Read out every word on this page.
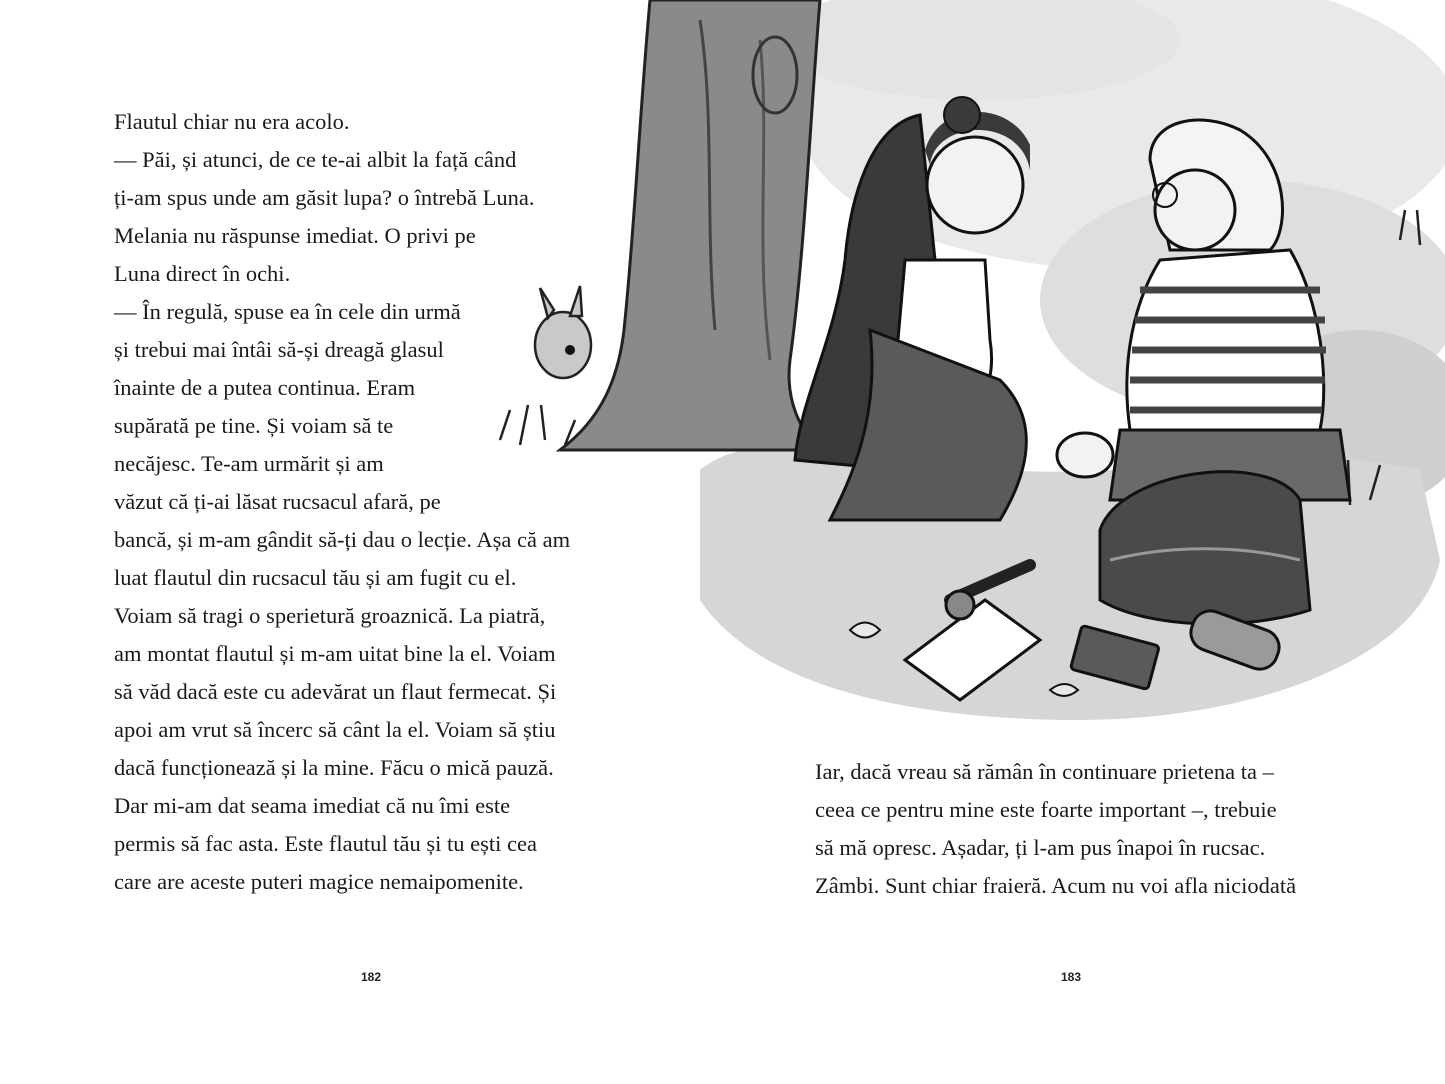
Flautul chiar nu era acolo.
— Păi, și atunci, de ce te-ai albit la față când
ți-am spus unde am găsit lupa? o întrebă Luna.
Melania nu răspunse imediat. O privi pe
Luna direct în ochi.
— În regulă, spuse ea în cele din urmă
și trebui mai întâi să-și dreagă glasul
înainte de a putea continua. Eram
supărată pe tine. Și voiam să te
necăjesc. Te-am urmărit și am
văzut că ți-ai lăsat rucsacul afară, pe
bancă, și m-am gândit să-ți dau o lecție. Așa că am
luat flautul din rucsacul tău și am fugit cu el.
Voiam să tragi o sperietură groaznică. La piatră,
am montat flautul și m-am uitat bine la el. Voiam
să văd dacă este cu adevărat un flaut fermecat. Și
apoi am vrut să încerc să cânt la el. Voiam să știu
dacă funcționează și la mine. Făcu o mică pauză.
Dar mi-am dat seama imediat că nu îmi este
permis să fac asta. Este flautul tău și tu ești cea
care are aceste puteri magice nemaipomenite.
Iar, dacă vreau să rămân în continuare prietena ta –
ceea ce pentru mine este foarte important –, trebuie
să mă opresc. Așadar, ți l-am pus înapoi în rucsac.
Zâmbi. Sunt chiar fraieră. Acum nu voi afla niciodată
182	183
